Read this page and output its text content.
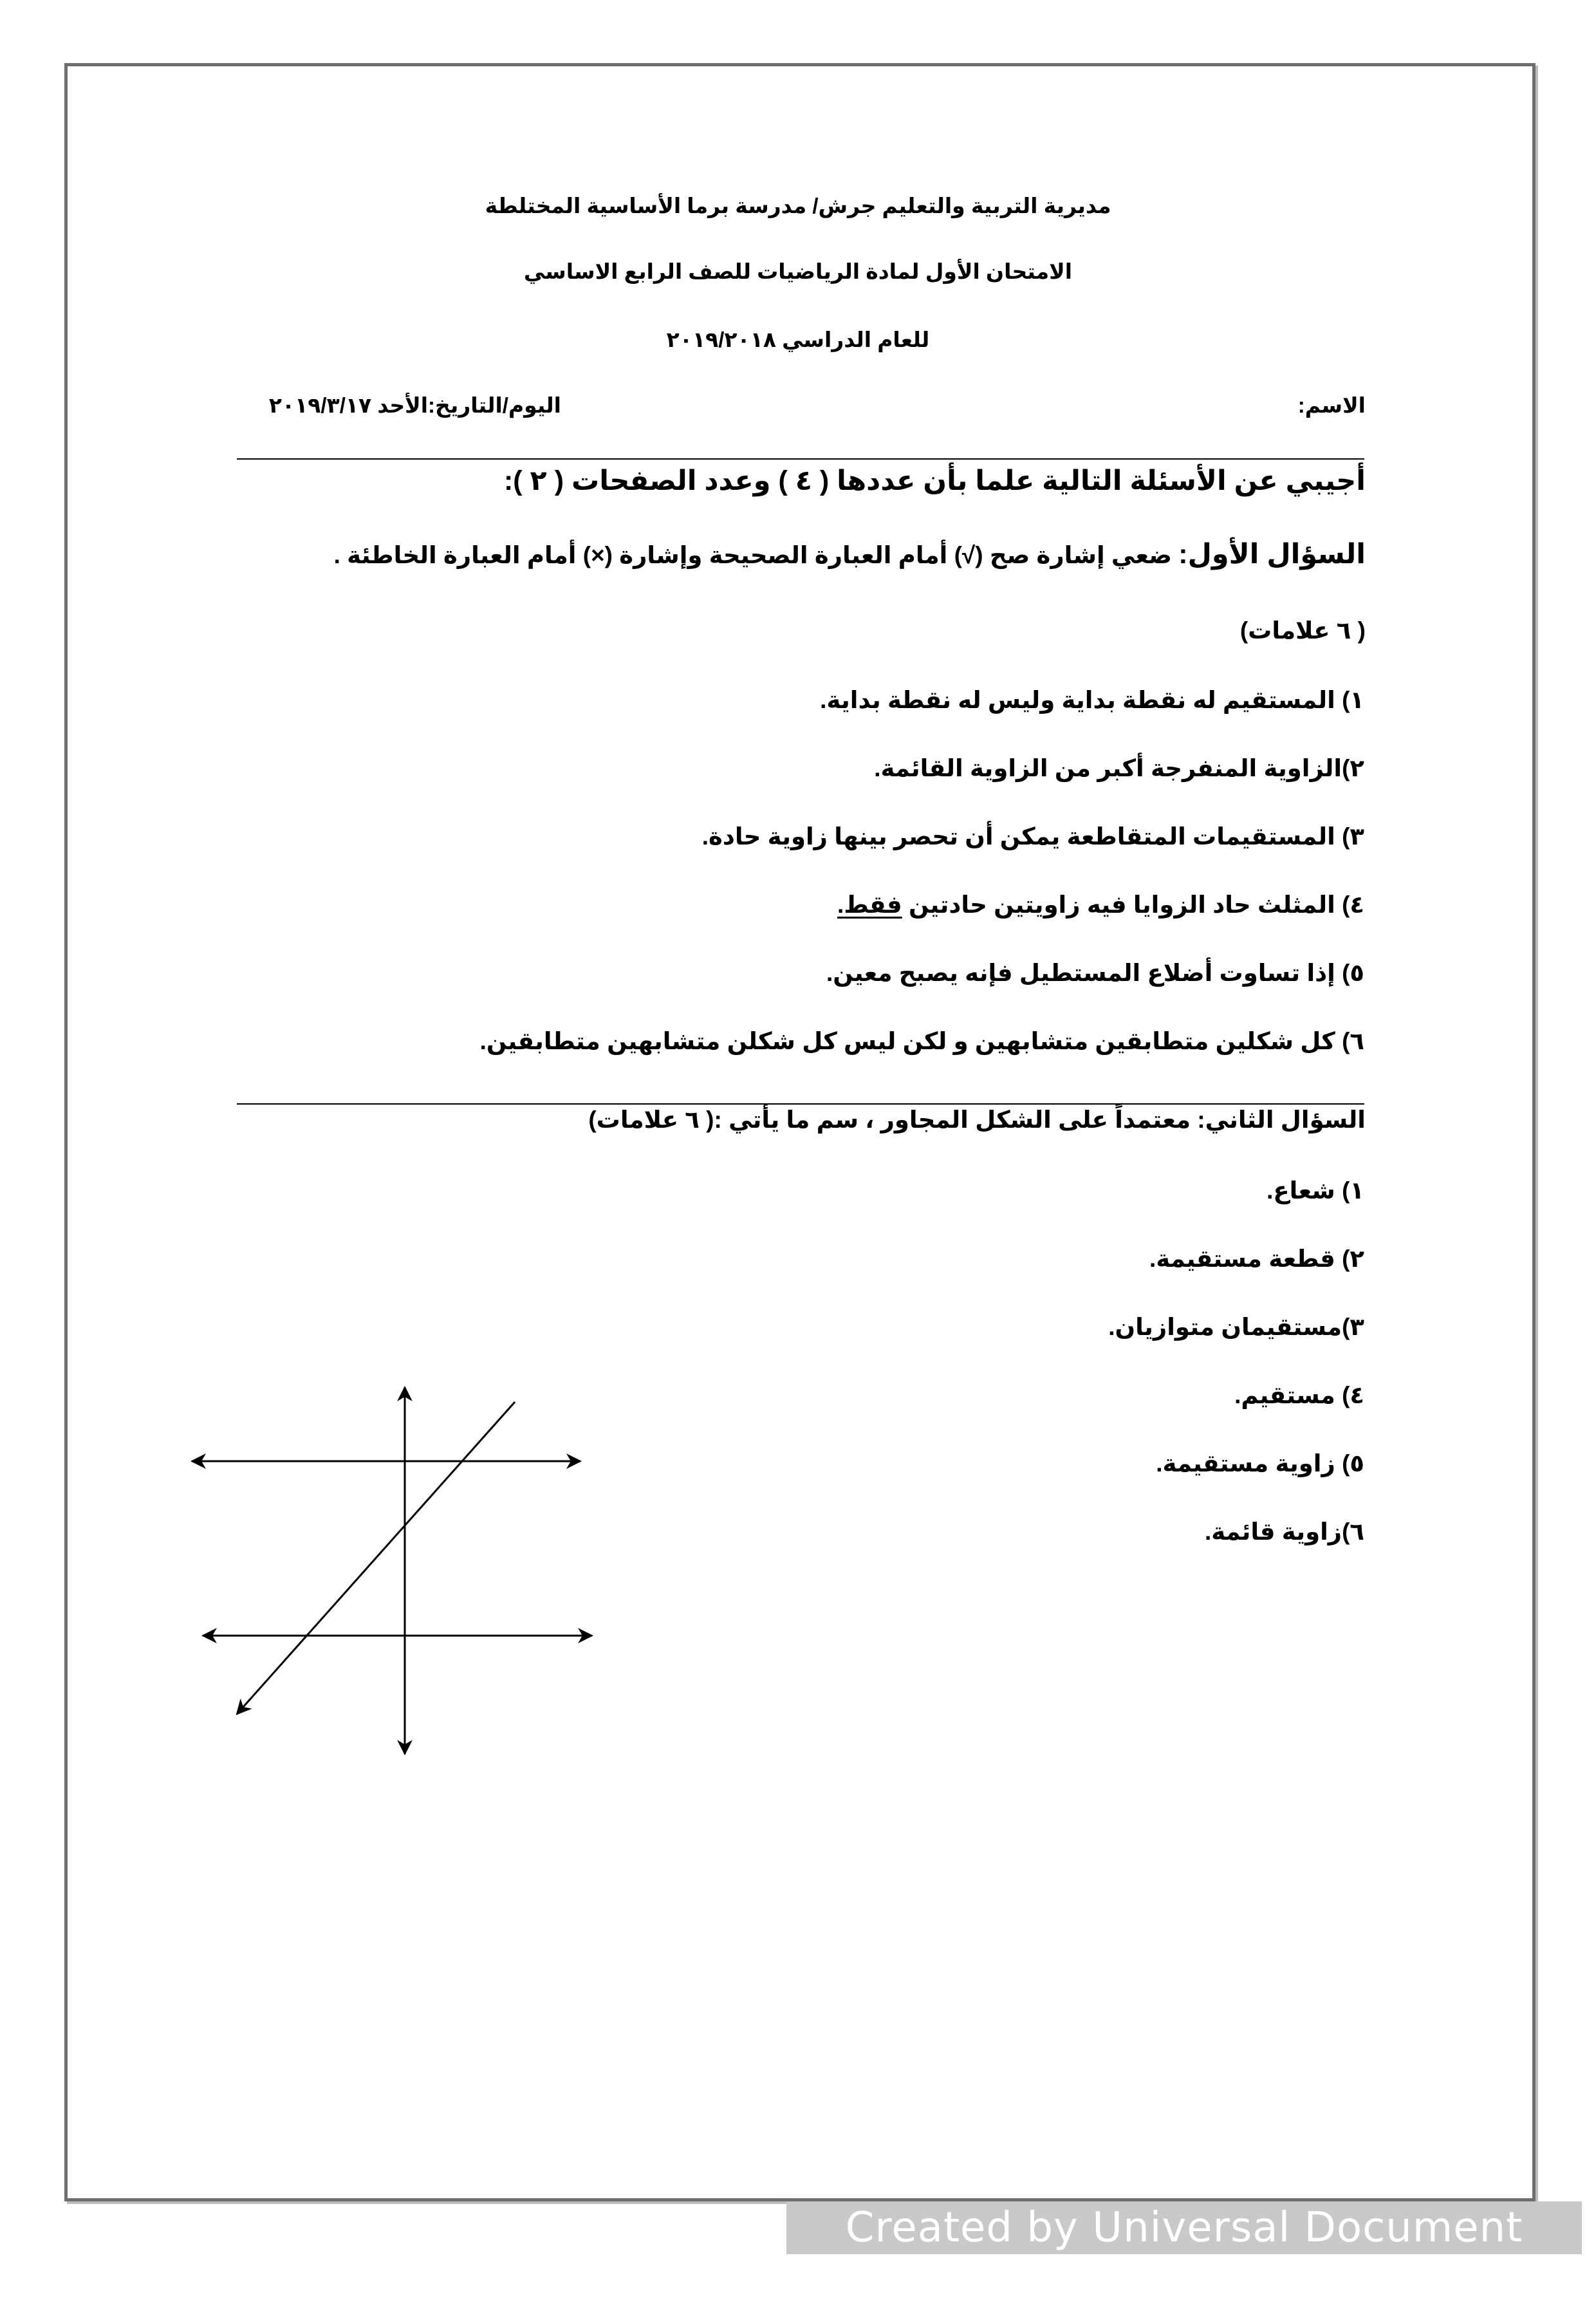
مديرية التربية والتعليم جرش/ مدرسة برما الأساسية المختلطة
الامتحان الأول لمادة الرياضيات للصف الرابع الاساسي
للعام الدراسي ٢٠١٩/٢٠١٨
الاسم:
اليوم/التاريخ:الأحد ٢٠١٩/٣/١٧
أجيبي عن الأسئلة التالية علما بأن عددها ( ٤ ) وعدد الصفحات ( ٢ ):
السؤال الأول: ضعي إشارة صح (√) أمام العبارة الصحيحة وإشارة (×) أمام العبارة الخاطئة .
( ٦ علامات)
١) المستقيم له نقطة بداية وليس له نقطة بداية.
٢)الزاوية المنفرجة أكبر من الزاوية القائمة.
٣) المستقيمات المتقاطعة يمكن أن تحصر بينها زاوية حادة.
٤) المثلث حاد الزوايا فيه زاويتين حادتين فقط.
٥) إذا تساوت أضلاع المستطيل فإنه يصبح معين.
٦) كل شكلين متطابقين متشابهين و لكن ليس كل شكلن متشابهين متطابقين.
السؤال الثاني: معتمداً على الشكل المجاور ، سم ما يأتي :( ٦ علامات)
١) شعاع.
٢) قطعة مستقيمة.
٣)مستقيمان متوازيان.
٤) مستقيم.
٥) زاوية مستقيمة.
٦)زاوية قائمة.
Created by Universal Document Converter
